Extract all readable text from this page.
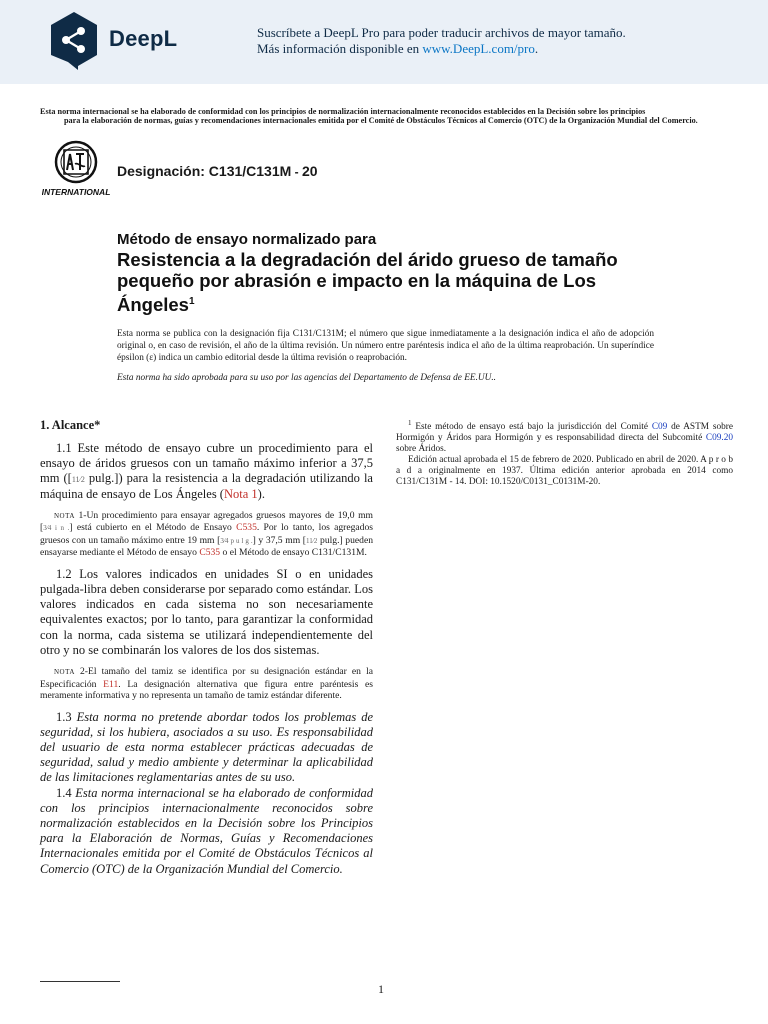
DeepL	Suscríbete a DeepL Pro para poder traducir archivos de mayor tamaño.
Más información disponible en www.DeepL.com/pro.
Esta norma internacional se ha elaborado de conformidad con los principios de normalización internacionalmente reconocidos establecidos en la Decisión sobre los principios
para la elaboración de normas, guías y recomendaciones internacionales emitida por el Comité de Obstáculos Técnicos al Comercio (OTC) de la Organización Mundial del Comercio.
INTERNATIONAL
Designación: C131/C131M - 20
Método de ensayo normalizado para
Resistencia a la degradación del árido grueso de tamaño pequeño por abrasión e impacto en la máquina de Los Ángeles$^1$
Esta norma se publica con la designación fija C131/C131M; el número que sigue inmediatamente a la designación indica el año de adopción original o, en caso de revisión, el año de la última revisión. Un número entre paréntesis indica el año de la última reaprobación. Un superíndice épsilon (ε) indica un cambio editorial desde la última revisión o reaprobación.
Esta norma ha sido aprobada para su uso por las agencias del Departamento de Defensa de EE.UU..
1. Alcance*

1.1 Este método de ensayo cubre un procedimiento para el ensayo de áridos gruesos con un tamaño máximo inferior a 37,5 mm ([11⁄2 pulg.]) para la resistencia a la degradación utilizando la máquina de ensayo de Los Ángeles (Nota 1).

NOTA 1-Un procedimiento para ensayar agregados gruesos mayores de 19,0 mm [3⁄4 i n .] está cubierto en el Método de Ensayo C535. Por lo tanto, los agregados gruesos con un tamaño máximo entre 19 mm [3⁄4 p u l g .] y 37,5 mm [11⁄2 pulg.] pueden ensayarse mediante el Método de ensayo C535 o el Método de ensayo C131/C131M.

1.2 Los valores indicados en unidades SI o en unidades pulgada-libra deben considerarse por separado como estándar. Los valores indicados en cada sistema no son necesariamente equivalentes exactos; por lo tanto, para garantizar la conformidad con la norma, cada sistema se utilizará independientemente del otro y no se combinarán los valores de los dos sistemas.

NOTA 2-El tamaño del tamiz se identifica por su designación estándar en la Especificación E11. La designación alternativa que figura entre paréntesis es meramente informativa y no representa un tamaño de tamiz estándar diferente.

1.3 Esta norma no pretende abordar todos los problemas de seguridad, si los hubiera, asociados a su uso. Es responsabilidad del usuario de esta norma establecer prácticas adecuadas de seguridad, salud y medio ambiente y determinar la aplicabilidad de las limitaciones reglamentarias antes de su uso.

1.4 Esta norma internacional se ha elaborado de conformidad con los principios internacionalmente reconocidos sobre normalización establecidos en la Decisión sobre los Principios para la Elaboración de Normas, Guías y Recomendaciones Internacionales emitida por el Comité de Obstáculos Técnicos al Comercio (OTC) de la Organización Mundial del Comercio.

$^1$ Este método de ensayo está bajo la jurisdicción del Comité C09 de ASTM sobre Hormigón y Áridos para Hormigón y es responsabilidad directa del Subcomité C09.20 sobre Áridos.
Edición actual aprobada el 15 de febrero de 2020. Publicado en abril de 2020. A p r o b a d a originalmente en 1937. Última edición anterior aprobada en 2014 como C131/C131M - 14. DOI: 10.1520/C0131_C0131M-20.
1
